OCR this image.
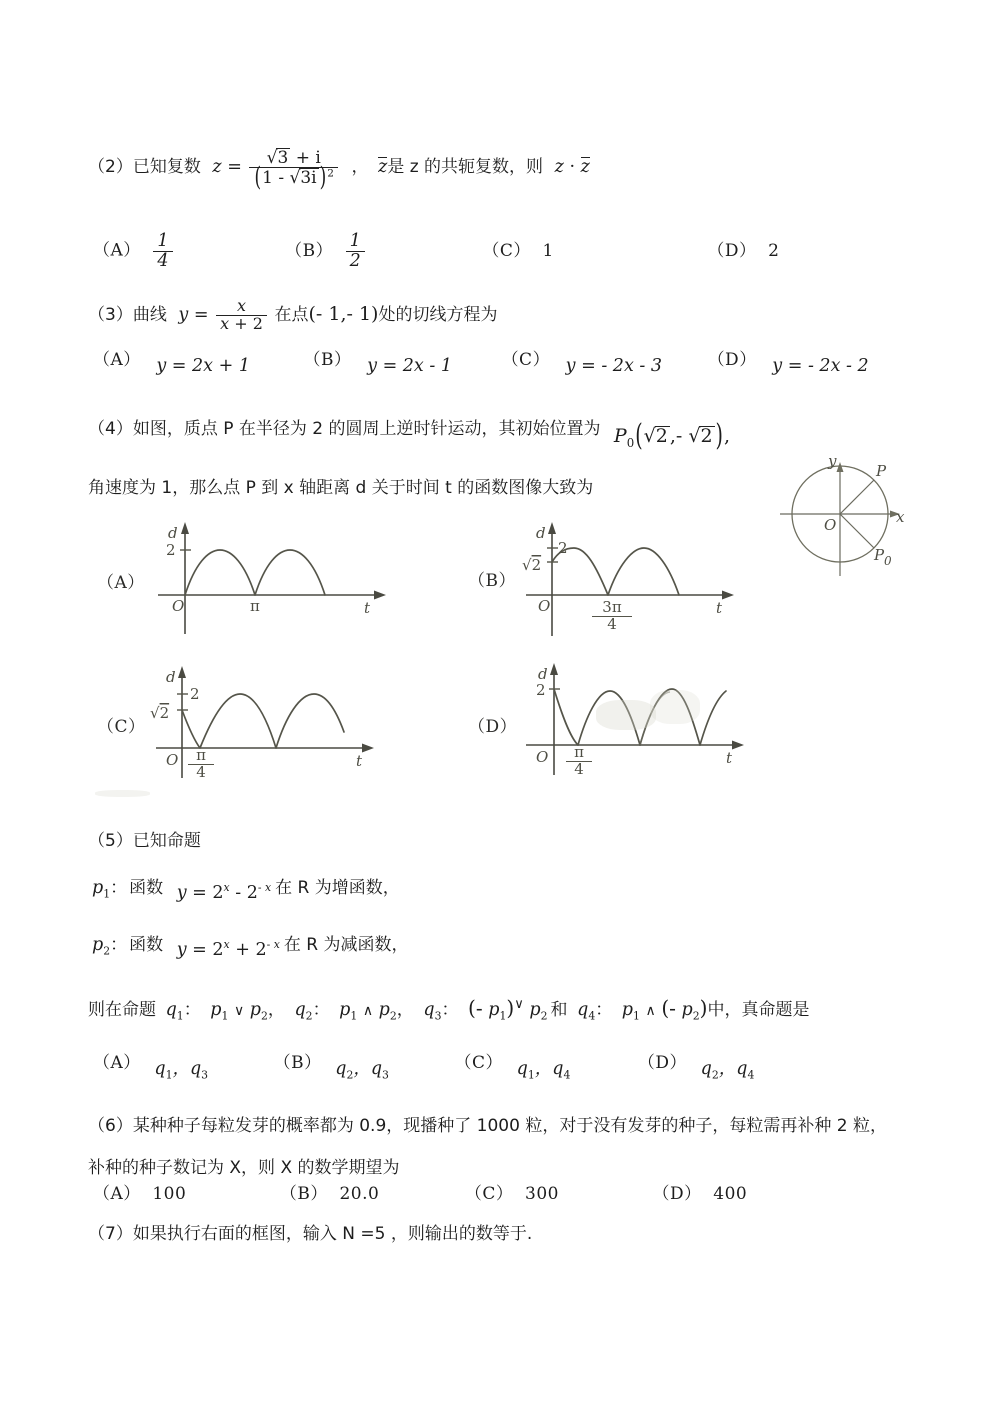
（2）已知复数 $z = \frac{√3 + i}{(1 - √3i )^2}$ ， z是 z 的共轭复数，则 z · z
$(A) \frac{1}{4}$	$(B) \frac{1}{2}$	（C） 1	（D） 2
（3）曲线 $y = \frac{x}{x + 2}$ 在点(- 1,- 1)处的切线方程为
（A） y = 2x + 1	（B） y = 2x - 1	（C） y = - 2x - 3	（D） y = - 2x - 2
（4）如图，质点 P 在半径为 2 的圆周上逆时针运动，其初始位置为 $P_0(√2$ ,- √2 ),
角速度为 1，那么点 P 到 x 轴距离 d 关于时间 t 的函数图像大致为
y
x
O
P
P 0
（A）
d
2
O	π	t
（B）
d
2
√2
O	t
$\frac{3\pi}{4}$
（C）
d
2
√2
O	t
$\frac{\pi}{4}$
（D）
d
2
O	t
$\frac{\pi}{4}$
（5）已知命题
$p_1$： 函数 $y = 2^x - 2^{- x}$ 在 R 为增函数，
$p_2$： 函数 $y = 2^x + 2^{- x}$ 在 R 为减函数，
则在命题 $q_1$： $p_1$ ∨ $p_2$， $q_2$： $p_1$ ∧ $p_2$， $q_3$： (- $p_1)^\vee$ $p_2$ 和 $q_4$： $p_1$ ∧ (- $p_2$)中，真命题是
（A） $q_1$，$q_3$ （B） $q_2$，$q_3$ （C） $q_1$，$q_4$ （D） $q_2$，$q_4$
（6）某种种子每粒发芽的概率都为 0.9，现播种了 1000 粒，对于没有发芽的种子，每粒需再补种 2 粒，
补种的种子数记为 X，则 X 的数学期望为
（A） 100	（B） 20.0	（C） 300	（D） 400
（7）如果执行右面的框图，输入 N =5 ，则输出的数等于.
